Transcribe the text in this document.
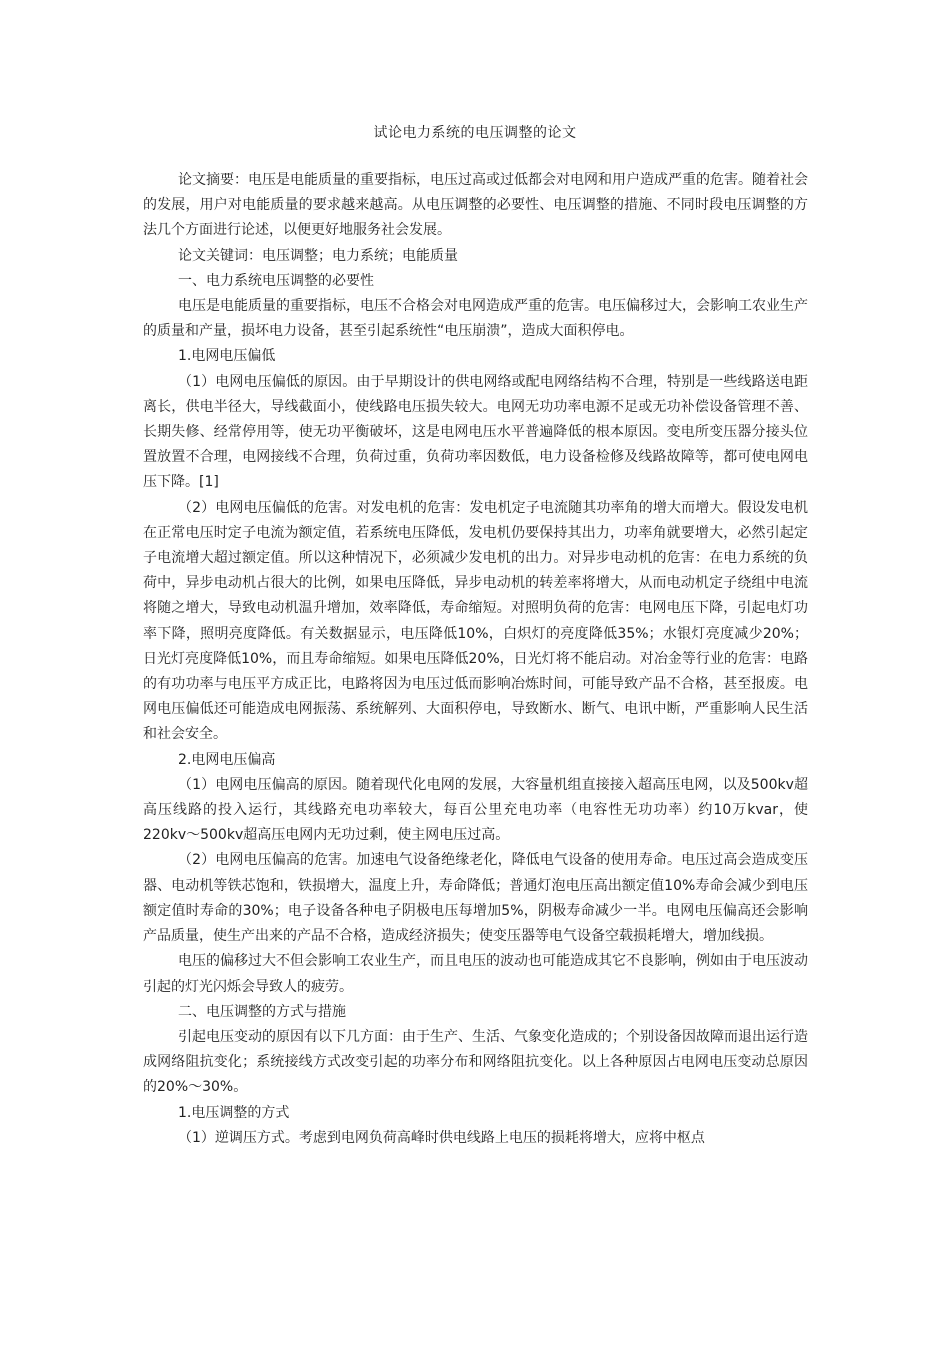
试论电力系统的电压调整的论文

论文摘要：电压是电能质量的重要指标，电压过高或过低都会对电网和用户造成严重的危害。随着社会的发展，用户对电能质量的要求越来越高。从电压调整的必要性、电压调整的措施、不同时段电压调整的方法几个方面进行论述，以便更好地服务社会发展。

论文关键词：电压调整；电力系统；电能质量

一、电力系统电压调整的必要性

电压是电能质量的重要指标，电压不合格会对电网造成严重的危害。电压偏移过大，会影响工农业生产的质量和产量，损坏电力设备，甚至引起系统性“电压崩溃”，造成大面积停电。

1.电网电压偏低

（1）电网电压偏低的原因。由于早期设计的供电网络或配电网络结构不合理，特别是一些线路送电距离长，供电半径大，导线截面小，使线路电压损失较大。电网无功功率电源不足或无功补偿设备管理不善、长期失修、经常停用等，使无功平衡破坏，这是电网电压水平普遍降低的根本原因。变电所变压器分接头位置放置不合理，电网接线不合理，负荷过重，负荷功率因数低，电力设备检修及线路故障等，都可使电网电压下降。[1]

（2）电网电压偏低的危害。对发电机的危害：发电机定子电流随其功率角的增大而增大。假设发电机在正常电压时定子电流为额定值，若系统电压降低，发电机仍要保持其出力，功率角就要增大，必然引起定子电流增大超过额定值。所以这种情况下，必须减少发电机的出力。对异步电动机的危害：在电力系统的负荷中，异步电动机占很大的比例，如果电压降低，异步电动机的转差率将增大，从而电动机定子绕组中电流将随之增大，导致电动机温升增加，效率降低，寿命缩短。对照明负荷的危害：电网电压下降，引起电灯功率下降，照明亮度降低。有关数据显示，电压降低10%，白炽灯的亮度降低35%；水银灯亮度减少20%；日光灯亮度降低10%，而且寿命缩短。如果电压降低20%，日光灯将不能启动。对冶金等行业的危害：电路的有功功率与电压平方成正比，电路将因为电压过低而影响冶炼时间，可能导致产品不合格，甚至报废。电网电压偏低还可能造成电网振荡、系统解列、大面积停电，导致断水、断气、电讯中断，严重影响人民生活和社会安全。

2.电网电压偏高

（1）电网电压偏高的原因。随着现代化电网的发展，大容量机组直接接入超高压电网，以及500kv超高压线路的投入运行，其线路充电功率较大，每百公里充电功率（电容性无功功率）约10万kvar，使220kv～500kv超高压电网内无功过剩，使主网电压过高。

（2）电网电压偏高的危害。加速电气设备绝缘老化，降低电气设备的使用寿命。电压过高会造成变压器、电动机等铁芯饱和，铁损增大，温度上升，寿命降低；普通灯泡电压高出额定值10%寿命会减少到电压额定值时寿命的30%；电子设备各种电子阴极电压每增加5%，阴极寿命减少一半。电网电压偏高还会影响产品质量，使生产出来的产品不合格，造成经济损失；使变压器等电气设备空载损耗增大，增加线损。

电压的偏移过大不但会影响工农业生产，而且电压的波动也可能造成其它不良影响，例如由于电压波动引起的灯光闪烁会导致人的疲劳。

二、电压调整的方式与措施

引起电压变动的原因有以下几方面：由于生产、生活、气象变化造成的；个别设备因故障而退出运行造成网络阻抗变化；系统接线方式改变引起的功率分布和网络阻抗变化。以上各种原因占电网电压变动总原因的20%～30%。

1.电压调整的方式

（1）逆调压方式。考虑到电网负荷高峰时供电线路上电压的损耗将增大，应将中枢点
